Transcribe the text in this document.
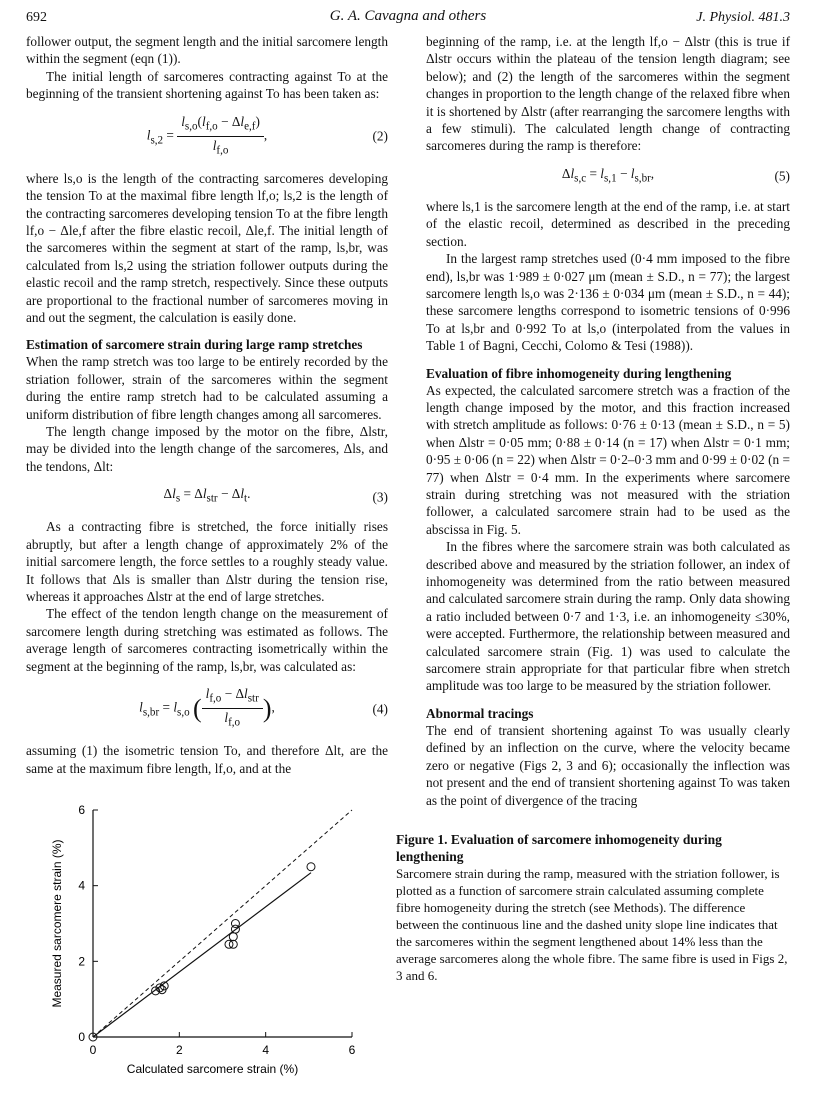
692	G. A. Cavagna and others	J. Physiol. 481.3

follower output, the segment length and the initial sarcomere length within the segment (eqn (1)).

The initial length of sarcomeres contracting against To at the beginning of the transient shortening against To has been taken as:

$l_{s,2} = \frac{l_{s,o}(l_{f,o} - \Delta l_{e,f})}{l_{f,o}}$ ,	(2)

where ls,o is the length of the contracting sarcomeres developing the tension To at the maximal fibre length lf,o; ls,2 is the length of the contracting sarcomeres developing tension To at the fibre length lf,o − Δle,f after the fibre elastic recoil, Δle,f. The initial length of the sarcomeres within the segment at start of the ramp, ls,br, was calculated from ls,2 using the striation follower outputs during the elastic recoil and the ramp stretch, respectively. Since these outputs are proportional to the fractional number of sarcomeres moving in and out the segment, the calculation is easily done.

Estimation of sarcomere strain during large ramp stretches

When the ramp stretch was too large to be entirely recorded by the striation follower, strain of the sarcomeres within the segment during the entire ramp stretch had to be calculated assuming a uniform distribution of fibre length changes among all sarcomeres.

The length change imposed by the motor on the fibre, Δlstr, may be divided into the length change of the sarcomeres, Δls, and the tendons, Δlt:

$\Delta l_s = \Delta l_{str} - \Delta l_t$.	(3)

As a contracting fibre is stretched, the force initially rises abruptly, but after a length change of approximately 2% of the initial sarcomere length, the force settles to a roughly steady value. It follows that Δls is smaller than Δlstr during the tension rise, whereas it approaches Δlstr at the end of large stretches.

The effect of the tendon length change on the measurement of sarcomere length during stretching was estimated as follows. The average length of sarcomeres contracting isometrically within the segment at the beginning of the ramp, ls,br, was calculated as:

$l_{s,br} = l_{s,o}$ ( $\frac{l_{f,o} - \Delta l_{str}}{l_{f,o}}$ ),	(4)

assuming (1) the isometric tension To, and therefore Δlt, are the same at the maximum fibre length, lf,o, and at the

beginning of the ramp, i.e. at the length lf,o − Δlstr (this is true if Δlstr occurs within the plateau of the tension length diagram; see below); and (2) the length of the sarcomeres within the segment changes in proportion to the length change of the relaxed fibre when it is shortened by Δlstr (after rearranging the sarcomere lengths with a few stimuli). The calculated length change of contracting sarcomeres during the ramp is therefore:

$\Delta l_{s,c} = l_{s,1} - l_{s,br}$,	(5)

where ls,1 is the sarcomere length at the end of the ramp, i.e. at start of the elastic recoil, determined as described in the preceding section.

In the largest ramp stretches used (0·4 mm imposed to the fibre end), ls,br was 1·989 ± 0·027 μm (mean ± S.D., n = 77); the largest sarcomere length ls,o was 2·136 ± 0·034 μm (mean ± S.D., n = 44); these sarcomere lengths correspond to isometric tensions of 0·996 To at ls,br and 0·992 To at ls,o (interpolated from the values in Table 1 of Bagni, Cecchi, Colomo & Tesi (1988)).

Evaluation of fibre inhomogeneity during lengthening

As expected, the calculated sarcomere stretch was a fraction of the length change imposed by the motor, and this fraction increased with stretch amplitude as follows: 0·76 ± 0·13 (mean ± S.D., n = 5) when Δlstr = 0·05 mm; 0·88 ± 0·14 (n = 17) when Δlstr = 0·1 mm; 0·95 ± 0·06 (n = 22) when Δlstr = 0·2–0·3 mm and 0·99 ± 0·02 (n = 77) when Δlstr = 0·4 mm. In the experiments where sarcomere strain during stretching was not measured with the striation follower, a calculated sarcomere strain had to be used as the abscissa in Fig. 5.

In the fibres where the sarcomere strain was both calculated as described above and measured by the striation follower, an index of inhomogeneity was determined from the ratio between measured and calculated sarcomere strain during the ramp. Only data showing a ratio included between 0·7 and 1·3, i.e. an inhomogeneity ≤30%, were accepted. Furthermore, the relationship between measured and calculated sarcomere strain (Fig. 1) was used to calculate the sarcomere strain appropriate for that particular fibre when stretch amplitude was too large to be measured by the striation follower.

Abnormal tracings

The end of transient shortening against To was usually clearly defined by an inflection on the curve, where the velocity became zero or negative (Figs 2, 3 and 6); occasionally the inflection was not present and the end of transient shortening against To was taken as the point of divergence of the tracing

0	2	4	6
0
2
4
6
Calculated sarcomere strain (%)
Measured sarcomere strain (%)	Figure 1. Evaluation of sarcomere inhomogeneity during lengthening
Sarcomere strain during the ramp, measured with the striation follower, is plotted as a function of sarcomere strain calculated assuming complete fibre homogeneity during the stretch (see Methods). The difference between the continuous line and the dashed unity slope line indicates that the sarcomeres within the segment lengthened about 14% less than the average sarcomeres along the whole fibre. The same fibre is used in Figs 2, 3 and 6.
